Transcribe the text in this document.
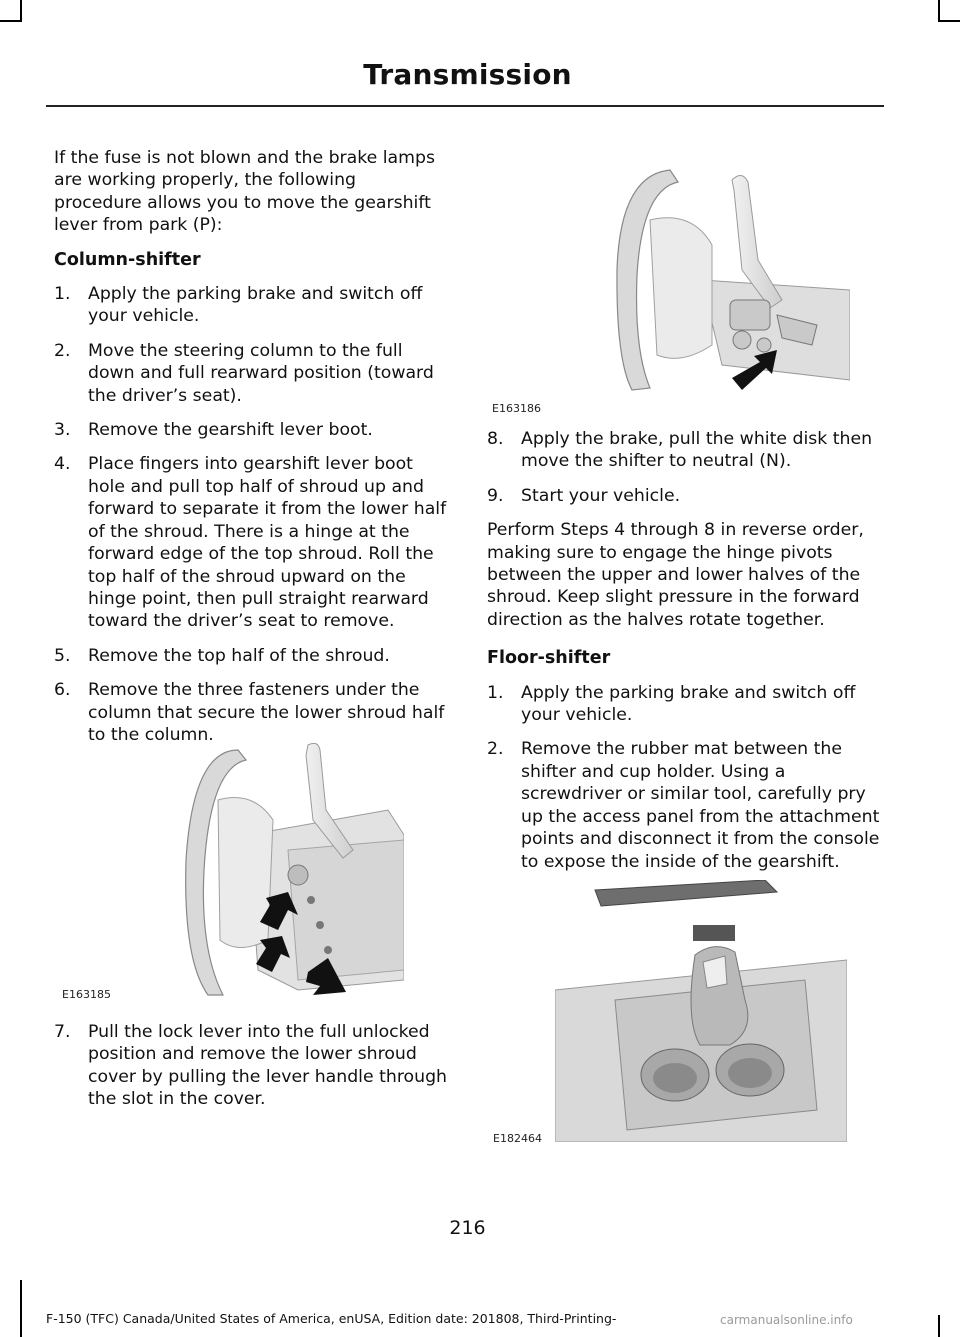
Transmission

If the fuse is not blown and the brake lamps are working properly, the following procedure allows you to move the gearshift lever from park (P):

Column-shifter

1. Apply the parking brake and switch off your vehicle.
2. Move the steering column to the full down and full rearward position (toward the driver’s seat).
3. Remove the gearshift lever boot.
4. Place fingers into gearshift lever boot hole and pull top half of shroud up and forward to separate it from the lower half of the shroud. There is a hinge at the forward edge of the top shroud. Roll the top half of the shroud upward on the hinge point, then pull straight rearward toward the driver’s seat to remove.
5. Remove the top half of the shroud.
6. Remove the three fasteners under the column that secure the lower shroud half to the column.
E163185
7. Pull the lock lever into the full unlocked position and remove the lower shroud cover by pulling the lever handle through the slot in the cover.
E163186
8. Apply the brake, pull the white disk then move the shifter to neutral (N).
9. Start your vehicle.

Perform Steps 4 through 8 in reverse order, making sure to engage the hinge pivots between the upper and lower halves of the shroud. Keep slight pressure in the forward direction as the halves rotate together.

Floor-shifter

1. Apply the parking brake and switch off your vehicle.
2. Remove the rubber mat between the shifter and cup holder. Using a screwdriver or similar tool, carefully pry up the access panel from the attachment points and disconnect it from the console to expose the inside of the gearshift.
E182464
216
F-150 (TFC) Canada/United States of America, enUSA, Edition date: 201808, Third-Printing-	carmanualsonline.info
